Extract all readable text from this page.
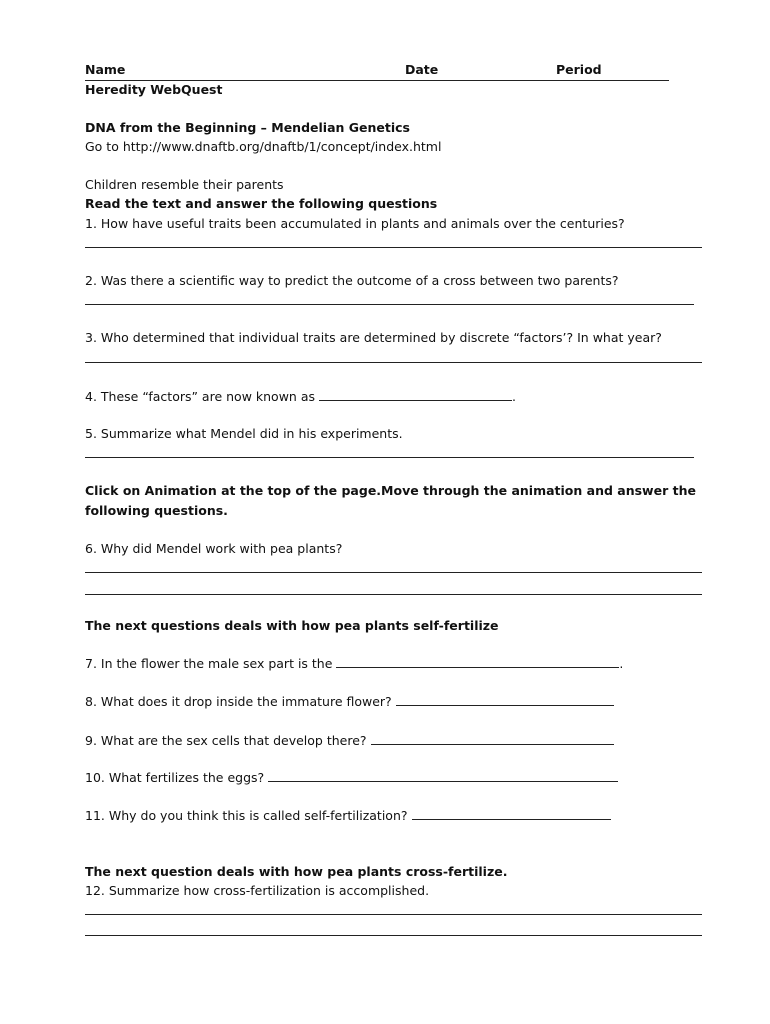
Name	Date	Period
Heredity WebQuest
DNA from the Beginning – Mendelian Genetics
Go to http://www.dnaftb.org/dnaftb/1/concept/index.html
Children resemble their parents
Read the text and answer the following questions
1. How have useful traits been accumulated in plants and animals over the centuries?
2. Was there a scientific way to predict the outcome of a cross between two parents?
3. Who determined that individual traits are determined by discrete “factors’? In what year?
4. These “factors” are now known as	.
5. Summarize what Mendel did in his experiments.
Click on Animation at the top of the page.Move through the animation and answer the
following questions.
6. Why did Mendel work with pea plants?
The next questions deals with how pea plants self-fertilize
7. In the flower the male sex part is the	.
8. What does it drop inside the immature flower?
9. What are the sex cells that develop there?
10. What fertilizes the eggs?
11. Why do you think this is called self-fertilization?
The next question deals with how pea plants cross-fertilize.
12. Summarize how cross-fertilization is accomplished.
